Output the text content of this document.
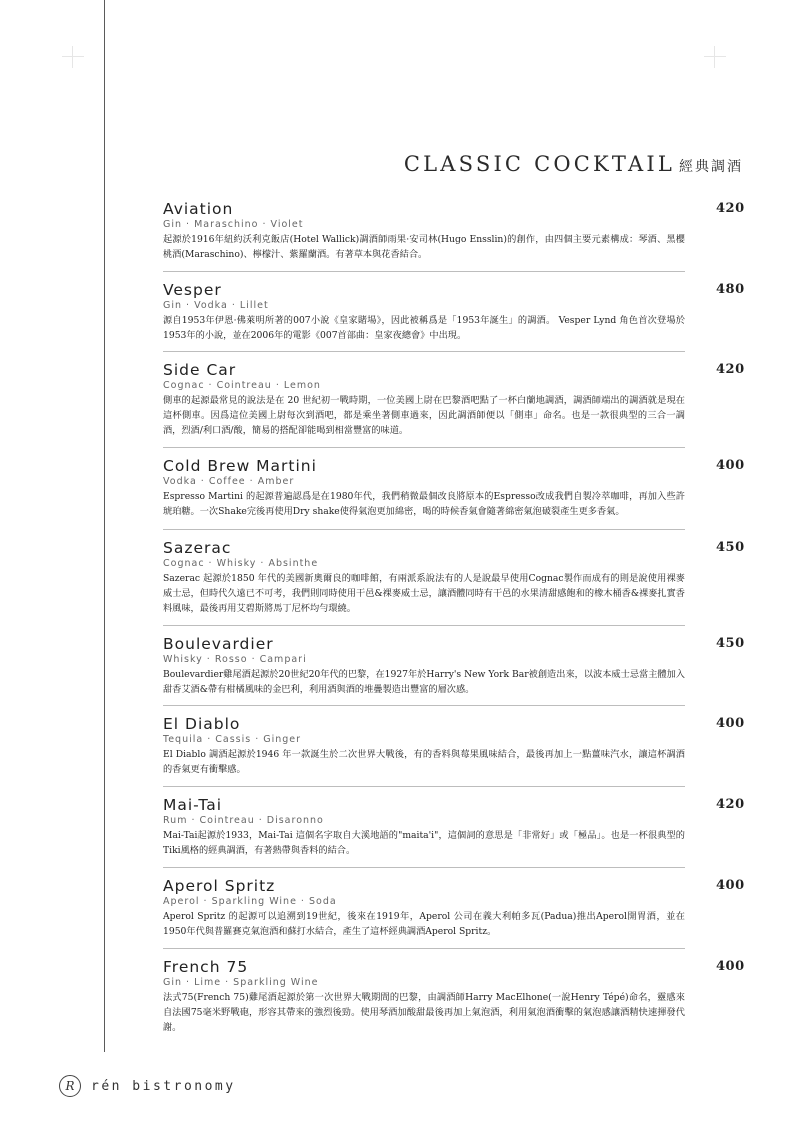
CLASSIC COCKTAIL 經典調酒
Aviation
Gin · Maraschino · Violet
起源於1916年紐約沃利克飯店(Hotel Wallick)調酒師雨果·安司林(Hugo Ensslin)的創作，由四個主要元素構成：琴酒、黑櫻桃酒(Maraschino)、檸檬汁、紫羅蘭酒。有著草本與花香結合。
420
Vesper
Gin · Vodka · Lillet
源自1953年伊恩·佛萊明所著的007小說《皇家賭場》，因此被稱爲是「1953年誕生」的調酒。 Vesper Lynd 角色首次登場於1953年的小說，並在2006年的電影《007首部曲：皇家夜總會》中出現。
480
Side Car
Cognac · Cointreau · Lemon
側車的起源最常見的說法是在 20 世紀初一戰時期，一位美國上尉在巴黎酒吧點了一杯白蘭地調酒，調酒師端出的調酒就是現在這杯側車。因爲這位美國上尉每次到酒吧，都是乘坐著側車過來，因此調酒師便以「側車」命名。也是一款很典型的三合一調酒，烈酒/利口酒/酸，簡易的搭配卻能喝到相當豐富的味道。
420
Cold Brew Martini
Vodka · Coffee · Amber
Espresso Martini 的起源普遍認爲是在1980年代，我們稍微最個改良將原本的Espresso改成我們自製冷萃咖啡，再加入些許琥珀糖。一次Shake完後再使用Dry shake使得氣泡更加綿密，喝的時候香氣會隨著綿密氣泡破裂產生更多香氣。
400
Sazerac
Cognac · Whisky · Absinthe
Sazerac 起源於1850 年代的美國新奧爾良的咖啡館，有兩派系說法有的人是說最早使用Cognac製作而成有的則是說使用裸麥威士忌，但時代久遠已不可考，我們則同時使用干邑&裸麥威士忌，讓酒體同時有干邑的水果清甜感飽和的橡木桶香&裸麥扎實香料風味，最後再用艾碧斯將馬丁尼杯均勻環繞。
450
Boulevardier
Whisky · Rosso · Campari
Boulevardier雞尾酒起源於20世紀20年代的巴黎，在1927年於Harry's New York Bar被創造出來，以波本威士忌當主體加入甜香艾酒&帶有柑橘風味的金巴利，利用酒與酒的堆疊製造出豐富的層次感。
450
El Diablo
Tequila · Cassis · Ginger
El Diablo 調酒起源於1946 年一款誕生於二次世界大戰後，有的香料與莓果風味結合，最後再加上一點薑味汽水，讓這杯調酒的香氣更有衝擊感。
400
Mai-Tai
Rum · Cointreau · Disaronno
Mai-Tai起源於1933，Mai-Tai 這個名字取自大溪地語的"maita'i"，這個詞的意思是「非常好」或「極品」。也是一杯很典型的Tiki風格的經典調酒，有著熱帶與香料的結合。
420
Aperol Spritz
Aperol · Sparkling Wine · Soda
Aperol Spritz 的起源可以追溯到19世紀，後來在1919年，Aperol 公司在義大利帕多瓦(Padua)推出Aperol開胃酒，並在1950年代與普羅賽克氣泡酒和蘇打水結合，產生了這杯經典調酒Aperol Spritz。
400
French 75
Gin · Lime · Sparkling Wine
法式75(French 75)雞尾酒起源於第一次世界大戰期間的巴黎，由調酒師Harry MacElhone(一說Henry Tépé)命名，靈感來自法國75毫米野戰砲，形容其帶來的強烈後勁。使用琴酒加酸甜最後再加上氣泡酒，利用氣泡酒衝擊的氣泡感讓酒精快速揮發代謝。
400
R	rén bistronomy
